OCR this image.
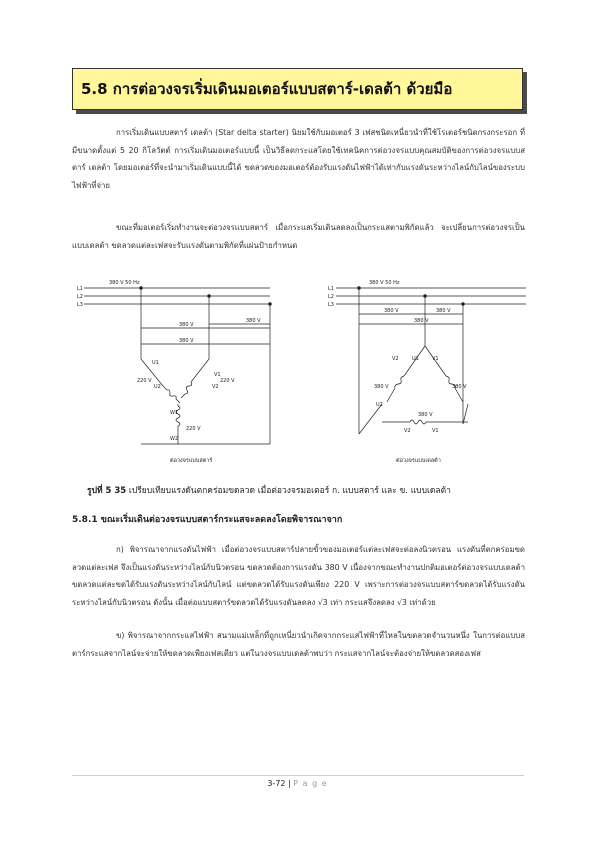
5.8 การต่อวงจรเริ่มเดินมอเตอร์แบบสตาร์-เดลต้า ด้วยมือ

การเริ่มเดินแบบสตาร์ เดลต้า (Star delta starter) นิยมใช้กับมอเตอร์ 3 เฟสชนิดเหนี่ยวนำที่ใช้โรเตอร์ชนิดกรงกระรอก ที่มีขนาดตั้งแต่ 5 20 กิโลวัตต์ การเริ่มเดินมอเตอร์แบบนี้ เป็นวิธีลดกระแสโดยใช้เทคนิคการต่อวงจรแบบคุณสมบัติของการต่อวงจรแบบสตาร์ เดลต้า โดยมอเตอร์ที่จะนำมาเริ่มเดินแบบนี้ได้ ขดลวดของมอเตอร์ต้องรับแรงดันไฟฟ้าได้เท่ากับแรงดันระหว่างไลน์กับไลน์ของระบบไฟฟ้าที่จ่าย

ขณะที่มอเตอร์เริ่มทำงานจะต่อวงจรแบบสตาร์ เมื่อกระแสเริ่มเดินลดลงเป็นกระแสตามพิกัดแล้ว จะเปลี่ยนการต่อวงจรเป็นแบบเดลต้า ขดลวดแต่ละเฟสจะรับแรงดันตามพิกัดที่แผ่นป้ายกำหนด

380 V 50 Hz
L1
L2
L3
380 V
380 V
380 V
U1
U2
V1
V2
W1
W2
220 V	220 V
220 V
ต่อวงจรแบบสตาร์
380 V 50 Hz
L1
L2
L3
380 V	380 V
380 V
U1
U2
V1
V2
V2	V1
380 V	380 V
380 V
ต่อวงจรแบบเดลต้า
รูปที่ 5 35 เปรียบเทียบแรงดันตกคร่อมขดลวด เมื่อต่อวงจรมอเตอร์ ก. แบบสตาร์ และ ข. แบบเดลต้า
5.8.1 ขณะเริ่มเดินต่อวงจรแบบสตาร์กระแสจะลดลงโดยพิจารณาจาก

ก) พิจารณาจากแรงดันไฟฟ้า เมื่อต่อวงจรแบบสตาร์ปลายขั้วของมอเตอร์แต่ละเฟสจะต่อลงนิวตรอน แรงดันที่ตกคร่อมขดลวดแต่ละเฟส จึงเป็นแรงดันระหว่างไลน์กับนิวตรอน ขดลวดต้องการแรงดัน 380 V เนื่องจากขณะทำงานปกติมอเตอร์ต่อวงจรแบบเดลต้าขดลวดแต่ละขดได้รับแรงดันระหว่างไลน์กับไลน์ แต่ขดลวดได้รับแรงดันเพียง 220 V เพราะการต่อวงจรแบบสตาร์ขดลวดได้รับแรงดัน ระหว่างไลน์กับนิวตรอน ดังนั้น เมื่อต่อแบบสตาร์ขดลวดได้รับแรงดันลดลง √3 เท่า กระแสจึงลดลง √3 เท่าด้วย

ข) พิจารณาจากกระแสไฟฟ้า สนามแม่เหล็กที่ถูกเหนี่ยวนำเกิดจากกระแสไฟฟ้าที่ไหลในขดลวดจำนวนหนึ่ง ในการต่อแบบสตาร์กระแสจากไลน์จะจ่ายให้ขดลวดเพียงเฟสเดียว แต่ในวงจรแบบเดลต้าพบว่า กระแสจากไลน์จะต้องจ่ายให้ขดลวดสองเฟส

3-72 | P a g e
